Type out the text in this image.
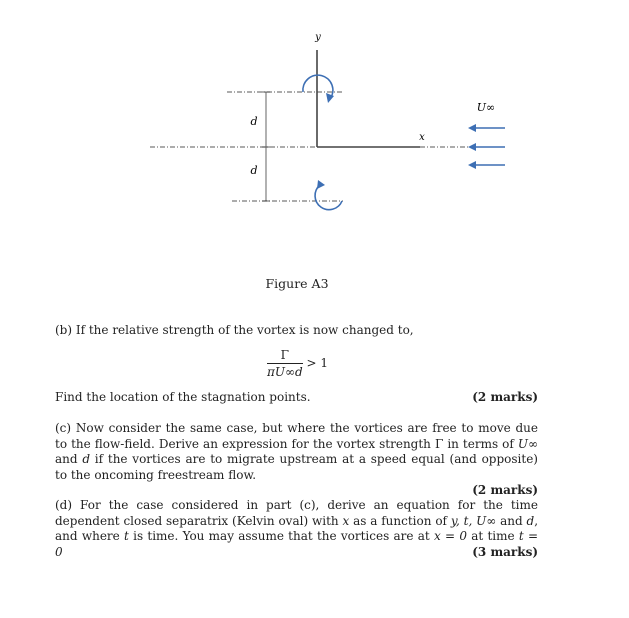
y
x
d
d
U∞
Figure A3
(b) If the relative strength of the vortex is now changed to,
$\frac{\Gamma}{\pi U\infty d} > 1$
Find the location of the stagnation points.	(2 marks)
(c) Now consider the same case, but where the vortices are free to move due to the flow-field. Derive an expression for the vortex strength Γ in terms of U∞ and d if the vortices are to migrate upstream at a speed equal (and opposite) to the oncoming freestream flow.

(2 marks)
(d) For the case considered in part (c), derive an equation for the time dependent closed separatrix (Kelvin oval) with x as a function of y, t, U∞ and d, and where t is time. You may assume that the vortices are at x = 0 at time t = 0	(3 marks)
